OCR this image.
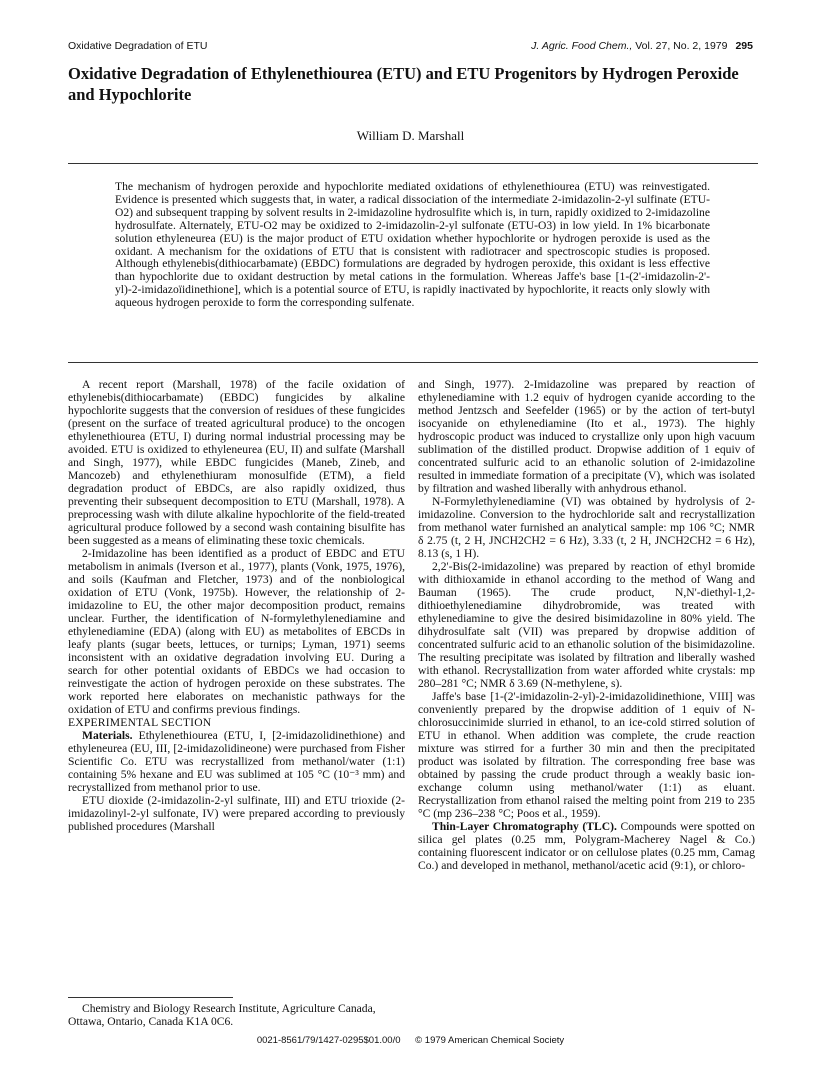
Oxidative Degradation of ETU	J. Agric. Food Chem., Vol. 27, No. 2, 1979 295
Oxidative Degradation of Ethylenethiourea (ETU) and ETU Progenitors by Hydrogen Peroxide and Hypochlorite
William D. Marshall

The mechanism of hydrogen peroxide and hypochlorite mediated oxidations of ethylenethiourea (ETU) was reinvestigated. Evidence is presented which suggests that, in water, a radical dissociation of the intermediate 2-imidazolin-2-yl sulfinate (ETU-O2) and subsequent trapping by solvent results in 2-imidazoline hydrosulfite which is, in turn, rapidly oxidized to 2-imidazoline hydrosulfate. Alternately, ETU-O2 may be oxidized to 2-imidazolin-2-yl sulfonate (ETU-O3) in low yield. In 1% bicarbonate solution ethyleneurea (EU) is the major product of ETU oxidation whether hypochlorite or hydrogen peroxide is used as the oxidant. A mechanism for the oxidations of ETU that is consistent with radiotracer and spectroscopic studies is proposed. Although ethylenebis(dithiocarbamate) (EBDC) formulations are degraded by hydrogen peroxide, this oxidant is less effective than hypochlorite due to oxidant destruction by metal cations in the formulation. Whereas Jaffe's base [1-(2'-imidazolin-2'-yl)-2-imidazoïidinethione], which is a potential source of ETU, is rapidly inactivated by hypochlorite, it reacts only slowly with aqueous hydrogen peroxide to form the corresponding sulfenate.

A recent report (Marshall, 1978) of the facile oxidation of ethylenebis(dithiocarbamate) (EBDC) fungicides by alkaline hypochlorite suggests that the conversion of residues of these fungicides (present on the surface of treated agricultural produce) to the oncogen ethylenethiourea (ETU, I) during normal industrial processing may be avoided. ETU is oxidized to ethyleneurea (EU, II) and sulfate (Marshall and Singh, 1977), while EBDC fungicides (Maneb, Zineb, and Mancozeb) and ethylenethiuram monosulfide (ETM), a field degradation product of EBDCs, are also rapidly oxidized, thus preventing their subsequent decomposition to ETU (Marshall, 1978). A preprocessing wash with dilute alkaline hypochlorite of the field-treated agricultural produce followed by a second wash containing bisulfite has been suggested as a means of eliminating these toxic chemicals.

2-Imidazoline has been identified as a product of EBDC and ETU metabolism in animals (Iverson et al., 1977), plants (Vonk, 1975, 1976), and soils (Kaufman and Fletcher, 1973) and of the nonbiological oxidation of ETU (Vonk, 1975b). However, the relationship of 2-imidazoline to EU, the other major decomposition product, remains unclear. Further, the identification of N-formylethylenediamine and ethylenediamine (EDA) (along with EU) as metabolites of EBCDs in leafy plants (sugar beets, lettuces, or turnips; Lyman, 1971) seems inconsistent with an oxidative degradation involving EU. During a search for other potential oxidants of EBDCs we had occasion to reinvestigate the action of hydrogen peroxide on these substrates. The work reported here elaborates on mechanistic pathways for the oxidation of ETU and confirms previous findings.

EXPERIMENTAL SECTION

Materials. Ethylenethiourea (ETU, I, [2-imidazolidinethione) and ethyleneurea (EU, III, [2-imidazolidineone) were purchased from Fisher Scientific Co. ETU was recrystallized from methanol/water (1:1) containing 5% hexane and EU was sublimed at 105 °C (10⁻³ mm) and recrystallized from methanol prior to use.

ETU dioxide (2-imidazolin-2-yl sulfinate, III) and ETU trioxide (2-imidazolinyl-2-yl sulfonate, IV) were prepared according to previously published procedures (Marshall

Chemistry and Biology Research Institute, Agriculture Canada, Ottawa, Ontario, Canada K1A 0C6.

and Singh, 1977). 2-Imidazoline was prepared by reaction of ethylenediamine with 1.2 equiv of hydrogen cyanide according to the method Jentzsch and Seefelder (1965) or by the action of tert-butyl isocyanide on ethylenediamine (Ito et al., 1973). The highly hydroscopic product was induced to crystallize only upon high vacuum sublimation of the distilled product. Dropwise addition of 1 equiv of concentrated sulfuric acid to an ethanolic solution of 2-imidazoline resulted in immediate formation of a precipitate (V), which was isolated by filtration and washed liberally with anhydrous ethanol.

N-Formylethylenediamine (VI) was obtained by hydrolysis of 2-imidazoline. Conversion to the hydrochloride salt and recrystallization from methanol water furnished an analytical sample: mp 106 °C; NMR δ 2.75 (t, 2 H, JNCH2CH2 = 6 Hz), 3.33 (t, 2 H, JNCH2CH2 = 6 Hz), 8.13 (s, 1 H).

2,2'-Bis(2-imidazoline) was prepared by reaction of ethyl bromide with dithioxamide in ethanol according to the method of Wang and Bauman (1965). The crude product, N,N'-diethyl-1,2-dithioethylenediamine dihydrobromide, was treated with ethylenediamine to give the desired bisimidazoline in 80% yield. The dihydrosulfate salt (VII) was prepared by dropwise addition of concentrated sulfuric acid to an ethanolic solution of the bisimidazoline. The resulting precipitate was isolated by filtration and liberally washed with ethanol. Recrystallization from water afforded white crystals: mp 280–281 °C; NMR δ 3.69 (N-methylene, s).

Jaffe's base [1-(2'-imidazolin-2-yl)-2-imidazolidinethione, VIII] was conveniently prepared by the dropwise addition of 1 equiv of N-chlorosuccinimide slurried in ethanol, to an ice-cold stirred solution of ETU in ethanol. When addition was complete, the crude reaction mixture was stirred for a further 30 min and then the precipitated product was isolated by filtration. The corresponding free base was obtained by passing the crude product through a weakly basic ion-exchange column using methanol/water (1:1) as eluant. Recrystallization from ethanol raised the melting point from 219 to 235 °C (mp 236–238 °C; Poos et al., 1959).

Thin-Layer Chromatography (TLC). Compounds were spotted on silica gel plates (0.25 mm, Polygram-Macherey Nagel & Co.) containing fluorescent indicator or on cellulose plates (0.25 mm, Camag Co.) and developed in methanol, methanol/acetic acid (9:1), or chloro-

0021-8561/79/1427-0295$01.00/0 © 1979 American Chemical Society
